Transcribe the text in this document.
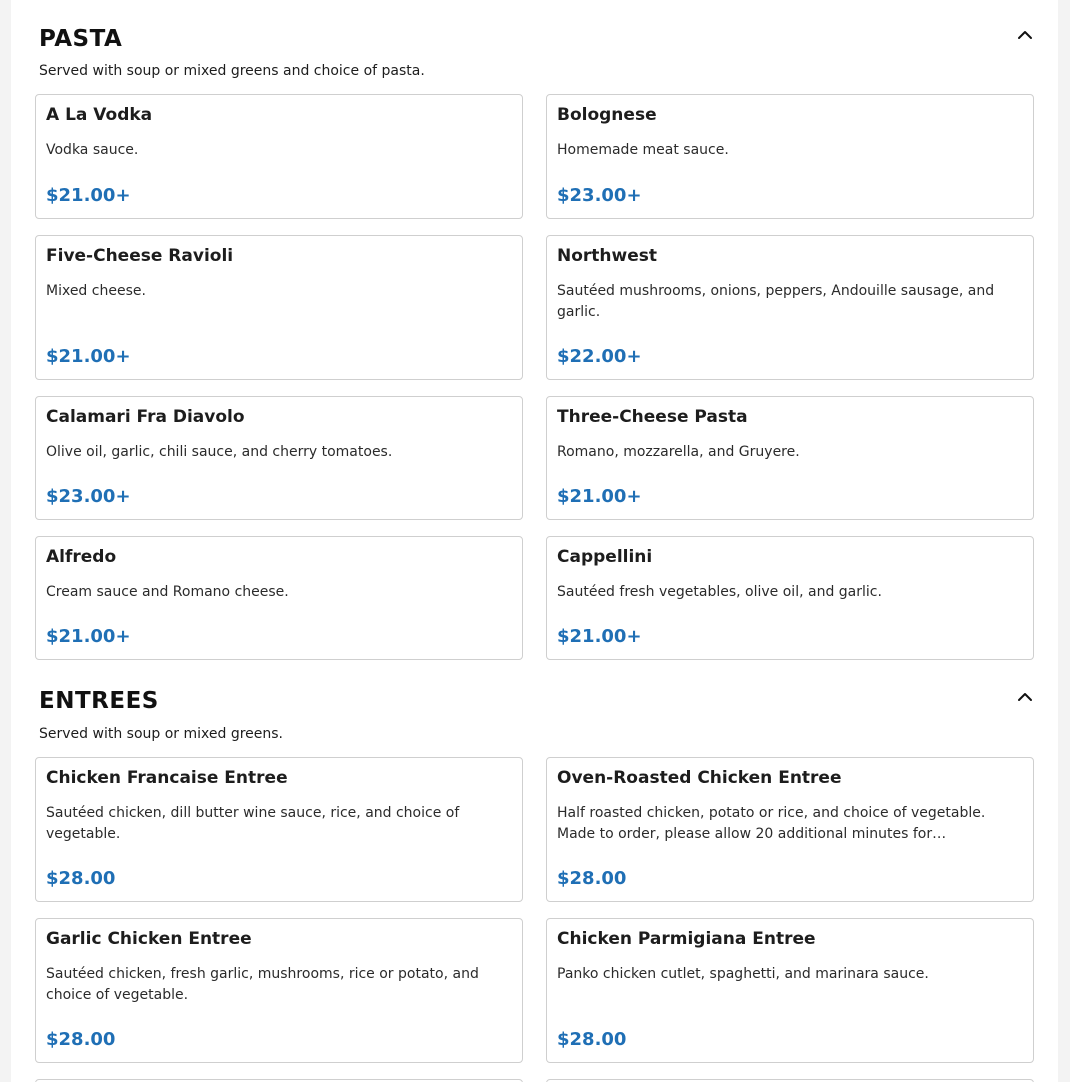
PASTA
Served with soup or mixed greens and choice of pasta.
A La Vodka
Vodka sauce.
$21.00+
Bolognese
Homemade meat sauce.
$23.00+
Five-Cheese Ravioli
Mixed cheese.
$21.00+
Northwest
Sautéed mushrooms, onions, peppers, Andouille sausage, and garlic.
$22.00+
Calamari Fra Diavolo
Olive oil, garlic, chili sauce, and cherry tomatoes.
$23.00+
Three-Cheese Pasta
Romano, mozzarella, and Gruyere.
$21.00+
Alfredo
Cream sauce and Romano cheese.
$21.00+
Cappellini
Sautéed fresh vegetables, olive oil, and garlic.
$21.00+
ENTREES
Served with soup or mixed greens.
Chicken Francaise Entree
Sautéed chicken, dill butter wine sauce, rice, and choice of vegetable.
$28.00
Oven-Roasted Chicken Entree
Half roasted chicken, potato or rice, and choice of vegetable. Made to order, please allow 20 additional minutes for…
$28.00
Garlic Chicken Entree
Sautéed chicken, fresh garlic, mushrooms, rice or potato, and choice of vegetable.
$28.00
Chicken Parmigiana Entree
Panko chicken cutlet, spaghetti, and marinara sauce.
$28.00
